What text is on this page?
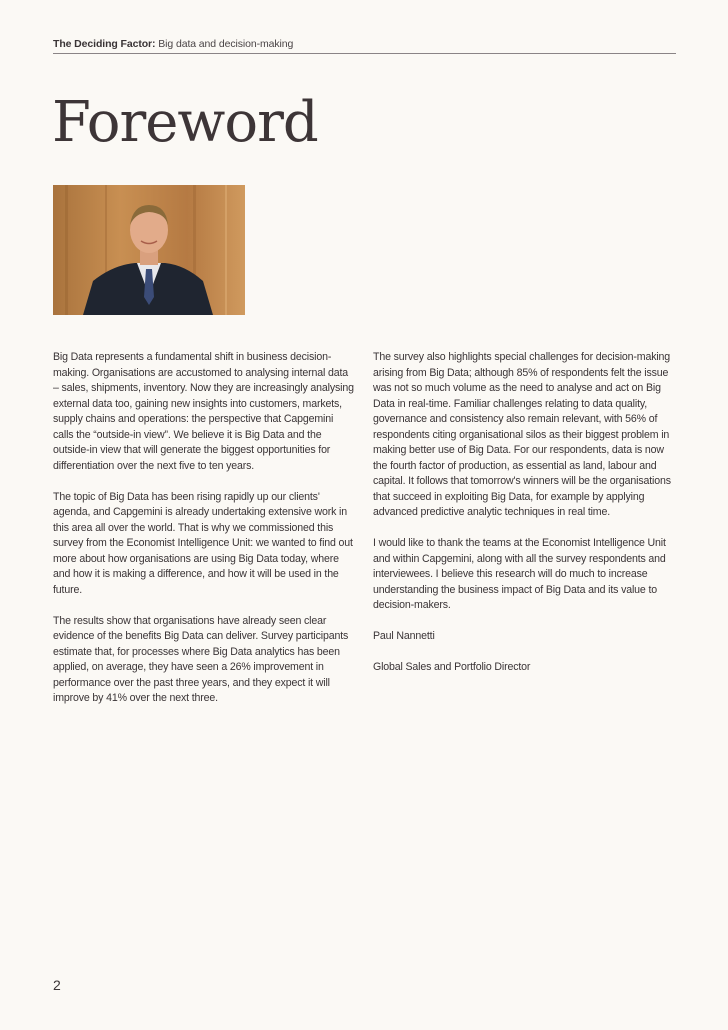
The Deciding Factor: Big data and decision-making
Foreword

Big Data represents a fundamental shift in business decision-making. Organisations are accustomed to analysing internal data – sales, shipments, inventory. Now they are increasingly analysing external data too, gaining new insights into customers, markets, supply chains and operations: the perspective that Capgemini calls the “outside-in view”. We believe it is Big Data and the outside-in view that will generate the biggest opportunities for differentiation over the next five to ten years.

The topic of Big Data has been rising rapidly up our clients' agenda, and Capgemini is already undertaking extensive work in this area all over the world. That is why we commissioned this survey from the Economist Intelligence Unit: we wanted to find out more about how organisations are using Big Data today, where and how it is making a difference, and how it will be used in the future.

The results show that organisations have already seen clear evidence of the benefits Big Data can deliver. Survey participants estimate that, for processes where Big Data analytics has been applied, on average, they have seen a 26% improvement in performance over the past three years, and they expect it will improve by 41% over the next three.

The survey also highlights special challenges for decision-making arising from Big Data; although 85% of respondents felt the issue was not so much volume as the need to analyse and act on Big Data in real-time. Familiar challenges relating to data quality, governance and consistency also remain relevant, with 56% of respondents citing organisational silos as their biggest problem in making better use of Big Data. For our respondents, data is now the fourth factor of production, as essential as land, labour and capital. It follows that tomorrow's winners will be the organisations that succeed in exploiting Big Data, for example by applying advanced predictive analytic techniques in real time.

I would like to thank the teams at the Economist Intelligence Unit and within Capgemini, along with all the survey respondents and interviewees. I believe this research will do much to increase understanding the business impact of Big Data and its value to decision-makers.

Paul Nannetti

Global Sales and Portfolio Director

2
